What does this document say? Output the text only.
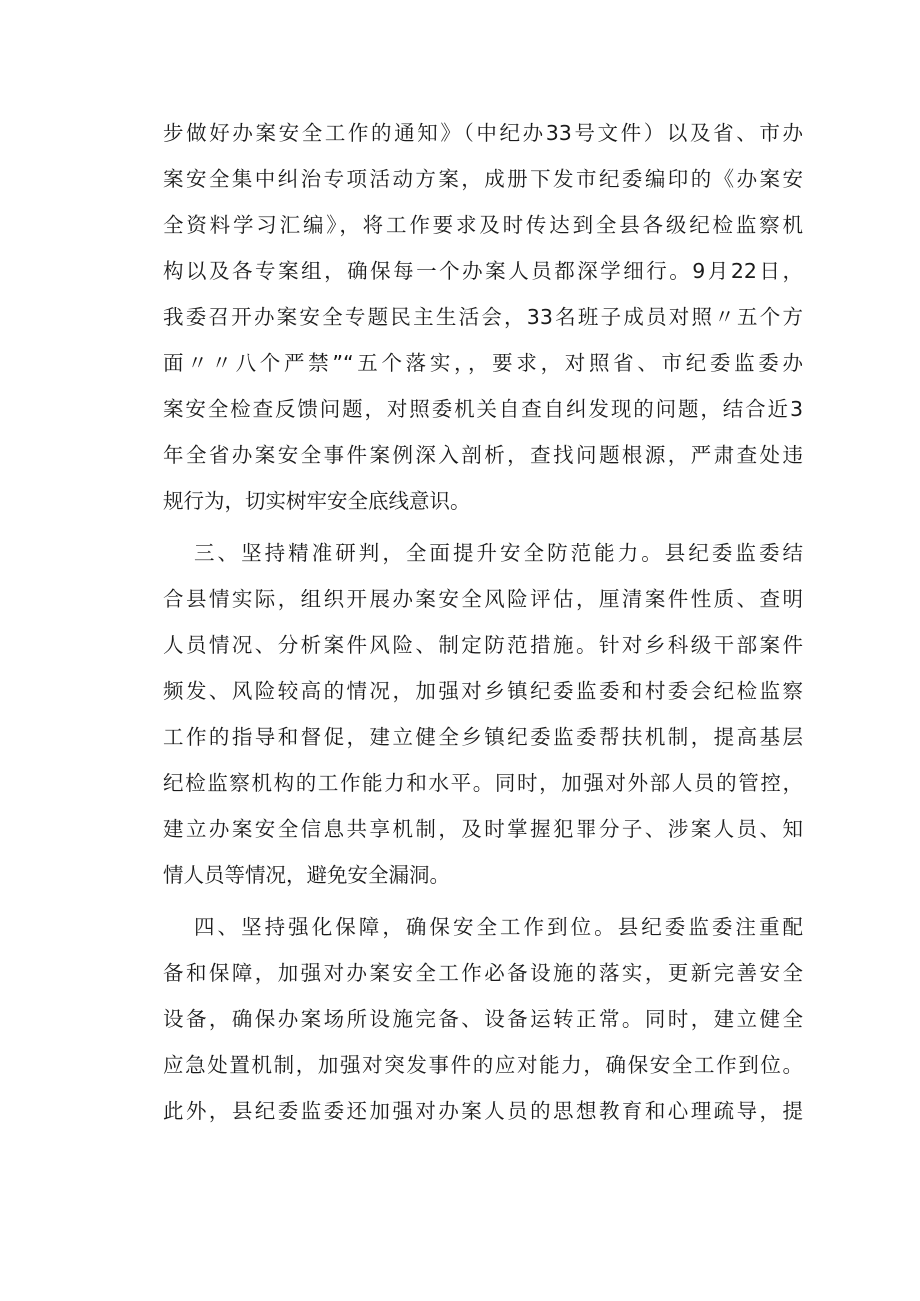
步做好办案安全工作的通知》（中纪办33号文件）以及省、市办
案安全集中纠治专项活动方案，成册下发市纪委编印的《办案安
全资料学习汇编》，将工作要求及时传达到全县各级纪检监察机
构以及各专案组，确保每一个办案人员都深学细行。9月22日，
我委召开办案安全专题民主生活会，33名班子成员对照〃五个方
面〃〃八个严禁”“五个落实，，要求，对照省、市纪委监委办
案安全检查反馈问题，对照委机关自查自纠发现的问题，结合近3
年全省办案安全事件案例深入剖析，查找问题根源，严肃查处违
规行为，切实树牢安全底线意识。
三、坚持精准研判，全面提升安全防范能力。县纪委监委结
合县情实际，组织开展办案安全风险评估，厘清案件性质、查明
人员情况、分析案件风险、制定防范措施。针对乡科级干部案件
频发、风险较高的情况，加强对乡镇纪委监委和村委会纪检监察
工作的指导和督促，建立健全乡镇纪委监委帮扶机制，提高基层
纪检监察机构的工作能力和水平。同时，加强对外部人员的管控，
建立办案安全信息共享机制，及时掌握犯罪分子、涉案人员、知
情人员等情况，避免安全漏洞。
四、坚持强化保障，确保安全工作到位。县纪委监委注重配
备和保障，加强对办案安全工作必备设施的落实，更新完善安全
设备，确保办案场所设施完备、设备运转正常。同时，建立健全
应急处置机制，加强对突发事件的应对能力，确保安全工作到位。
此外，县纪委监委还加强对办案人员的思想教育和心理疏导，提
